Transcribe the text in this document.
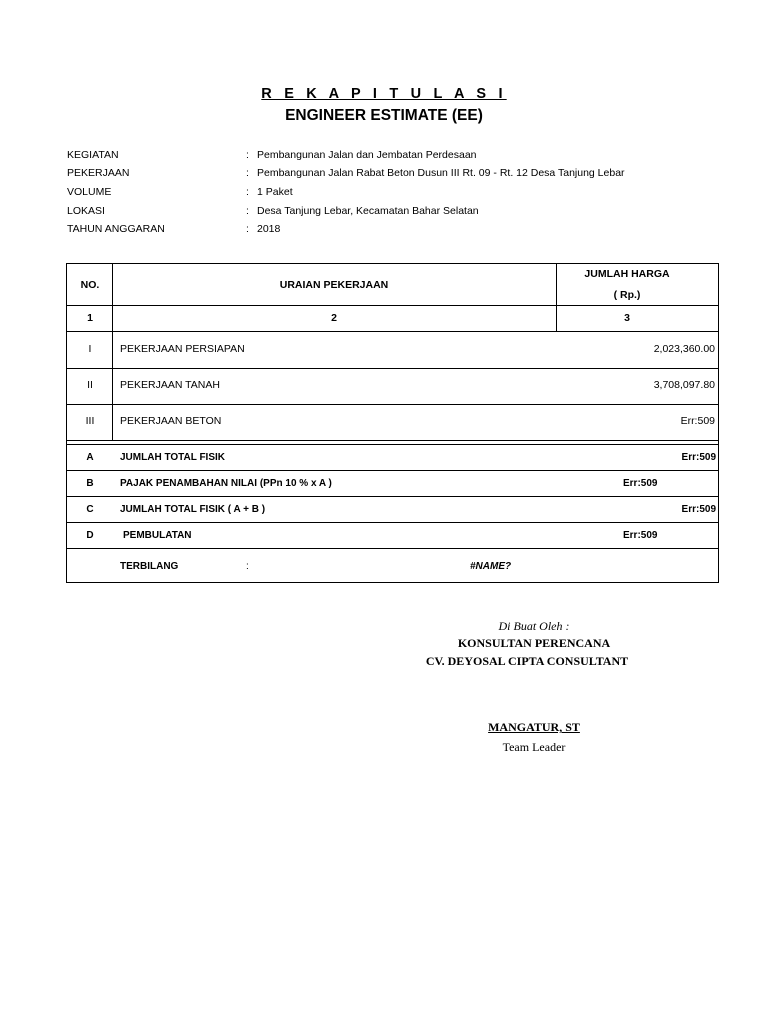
R E K A P I T U L A S I
ENGINEER ESTIMATE (EE)
KEGIATAN	: Pembangunan Jalan dan Jembatan Perdesaan
PEKERJAAN	: Pembangunan Jalan Rabat Beton Dusun III Rt. 09 - Rt. 12 Desa Tanjung Lebar
VOLUME	: 1 Paket
LOKASI	: Desa Tanjung Lebar, Kecamatan Bahar Selatan
TAHUN ANGGARAN	: 2018
NO.	URAIAN PEKERJAAN
JUMLAH HARGA
( Rp.)
1	2	3
I	PEKERJAAN PERSIAPAN	2,023,360.00
II	PEKERJAAN TANAH	3,708,097.80
III PEKERJAAN BETON	Err:509
A	JUMLAH TOTAL FISIK	Err:509
B	PAJAK PENAMBAHAN NILAI (PPn 10 % x A )	Err:509
C	JUMLAH TOTAL FISIK ( A + B )	Err:509
D	PEMBULATAN	Err:509
TERBILANG	:	#NAME?
Di Buat Oleh :
KONSULTAN PERENCANA
CV. DEYOSAL CIPTA CONSULTANT
MANGATUR, ST
Team Leader
